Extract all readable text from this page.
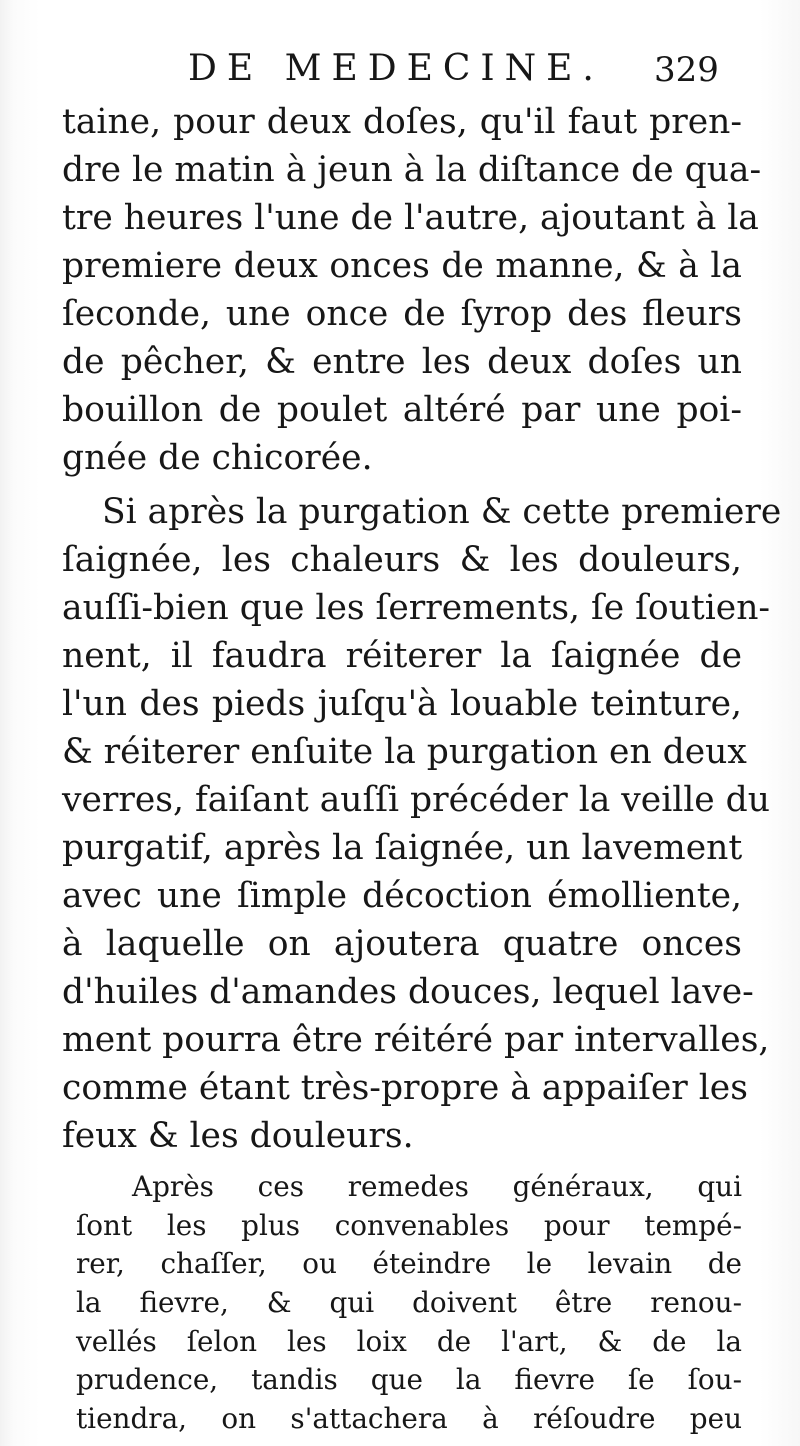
DE MEDECINE. 329
taine, pour deux doſes, qu'il faut pren-
dre le matin à jeun à la diſtance de qua-
tre heures l'une de l'autre, ajoutant à la
premiere deux onces de manne, & à la
ſeconde, une once de ſyrop des fleurs
de pêcher, & entre les deux doſes un
bouillon de poulet altéré par une poi-
gnée de chicorée.
Si après la purgation & cette premiere
ſaignée, les chaleurs & les douleurs,
auſſi-bien que les ſerrements, ſe ſoutien-
nent, il faudra réiterer la ſaignée de
l'un des pieds juſqu'à louable teinture,
& réiterer enſuite la purgation en deux
verres, faiſant auſſi précéder la veille du
purgatif, après la ſaignée, un lavement
avec une ſimple décoction émolliente,
à laquelle on ajoutera quatre onces
d'huiles d'amandes douces, lequel lave-
ment pourra être réitéré par intervalles,
comme étant très-propre à appaiſer les
feux & les douleurs.
Après ces remedes généraux, qui
ſont les plus convenables pour tempé-
rer, chaſſer, ou éteindre le levain de
la fievre, & qui doivent être renou-
vellés ſelon les loix de l'art, & de la
prudence, tandis que la fievre ſe ſou-
tiendra, on s'attachera à réſoudre peu
